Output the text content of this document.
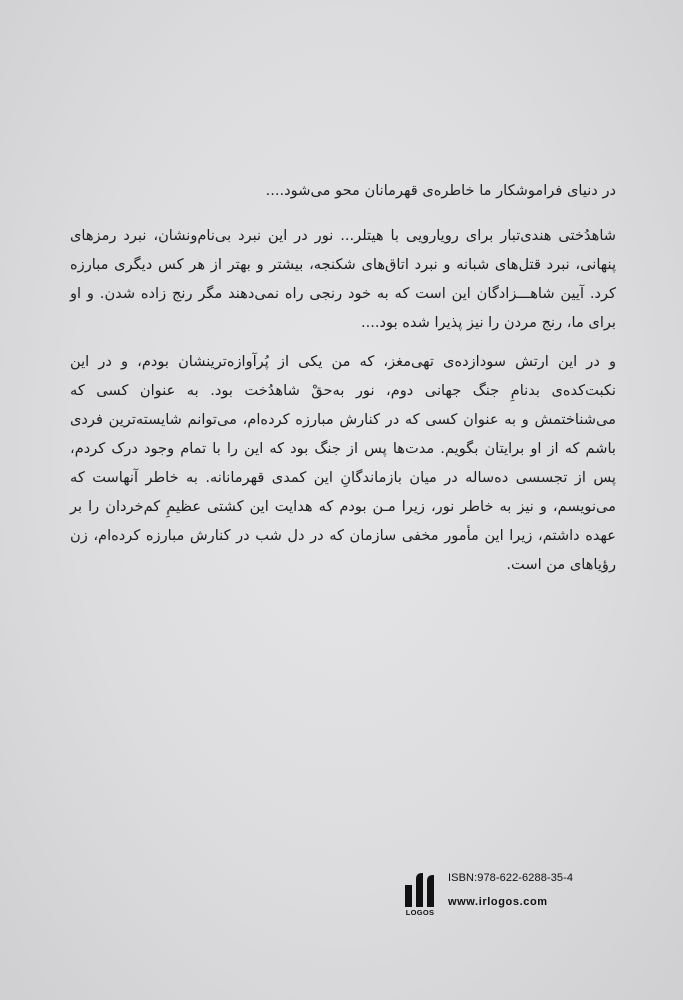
در دنیای فراموشکار ما خاطره‌ی قهرمانان محو می‌شود....

شاهدُختی هندی‌تبار برای رویارویی با هیتلر... نور در این نبرد بی‌نام‌ونشان، نبرد رمزهای پنهانی، نبرد قتل‌های شبانه و نبرد اتاق‌های شکنجه، بیشتر و بهتر از هر کس دیگری مبارزه کرد. آیین شاهـــزادگان این است که به خود رنجی راه نمی‌دهند مگر رنج زاده شدن. و او برای ما، رنج مردن را نیز پذیرا شده بود....

و در این ارتش سودازده‌ی تهی‌مغز، که من یکی از پُرآوازه‌ترینشان بودم، و در این نکبت‌کده‌ی بدنامِ جنگ جهانی دوم، نور به‌حقْ شاهدُخت بود. به عنوان کسی که می‌شناختمش و به عنوان کسی که در کنارش مبارزه کرده‌ام، می‌توانم شایسته‌ترین فردی باشم که از او برایتان بگویم. مدت‌ها پس از جنگ بود که این را با تمام وجود درک کردم، پس از تجسسی ده‌ساله در میان بازماندگانِ این کمدی قهرمانانه. به خاطر آنهاست که می‌نویسم، و نیز به خاطر نور، زیرا مـن بودم که هدایت این کشتی عظیمِ کم‌خردان را بر عهده داشتم، زیرا این مأمور مخفی سازمان که در دل شب در کنارش مبارزه کرده‌ام، زن رؤیاهای من است.

LOGOS
ISBN:978-622-6288-35-4
www.irlogos.com
